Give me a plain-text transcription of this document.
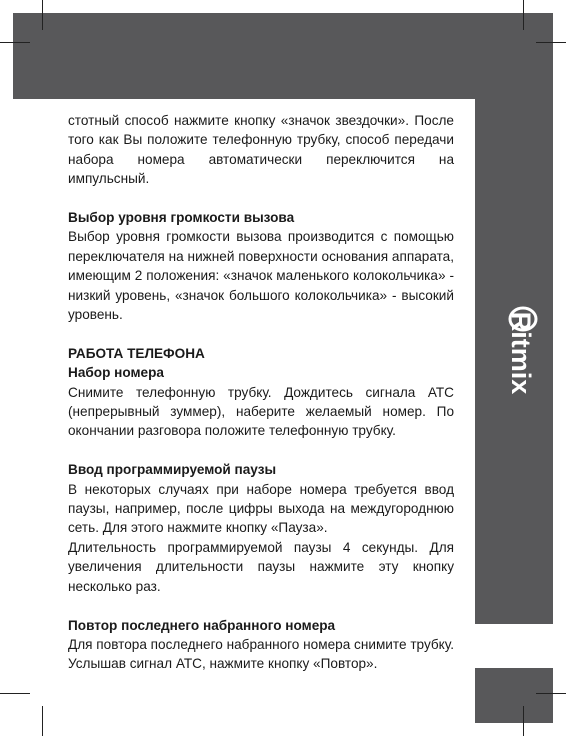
Ritmix

стотный способ нажмите кнопку «значок звездочки». После того как Вы положите телефонную трубку, способ передачи набора номера автоматически переключится на импульсный.

Выбор уровня громкости вызова

Выбор уровня громкости вызова производится с помощью переключателя на нижней поверхности основания аппарата, имеющим 2 положения: «значок маленького колокольчика» - низкий уровень, «значок большого колокольчика» - высокий уровень.

РАБОТА ТЕЛЕФОНА

Набор номера

Снимите телефонную трубку. Дождитесь сигнала АТС (непрерывный зуммер), наберите желаемый номер. По окончании разговора положите телефонную трубку.

Ввод программируемой паузы

В некоторых случаях при наборе номера требуется ввод паузы, например, после цифры выхода на междугороднюю сеть. Для этого нажмите кнопку «Пауза».

Длительность программируемой паузы 4 секунды. Для увеличения длительности паузы нажмите эту кнопку несколько раз.

Повтор последнего набранного номера

Для повтора последнего набранного номера снимите трубку. Услышав сигнал АТС, нажмите кнопку «Повтор».
